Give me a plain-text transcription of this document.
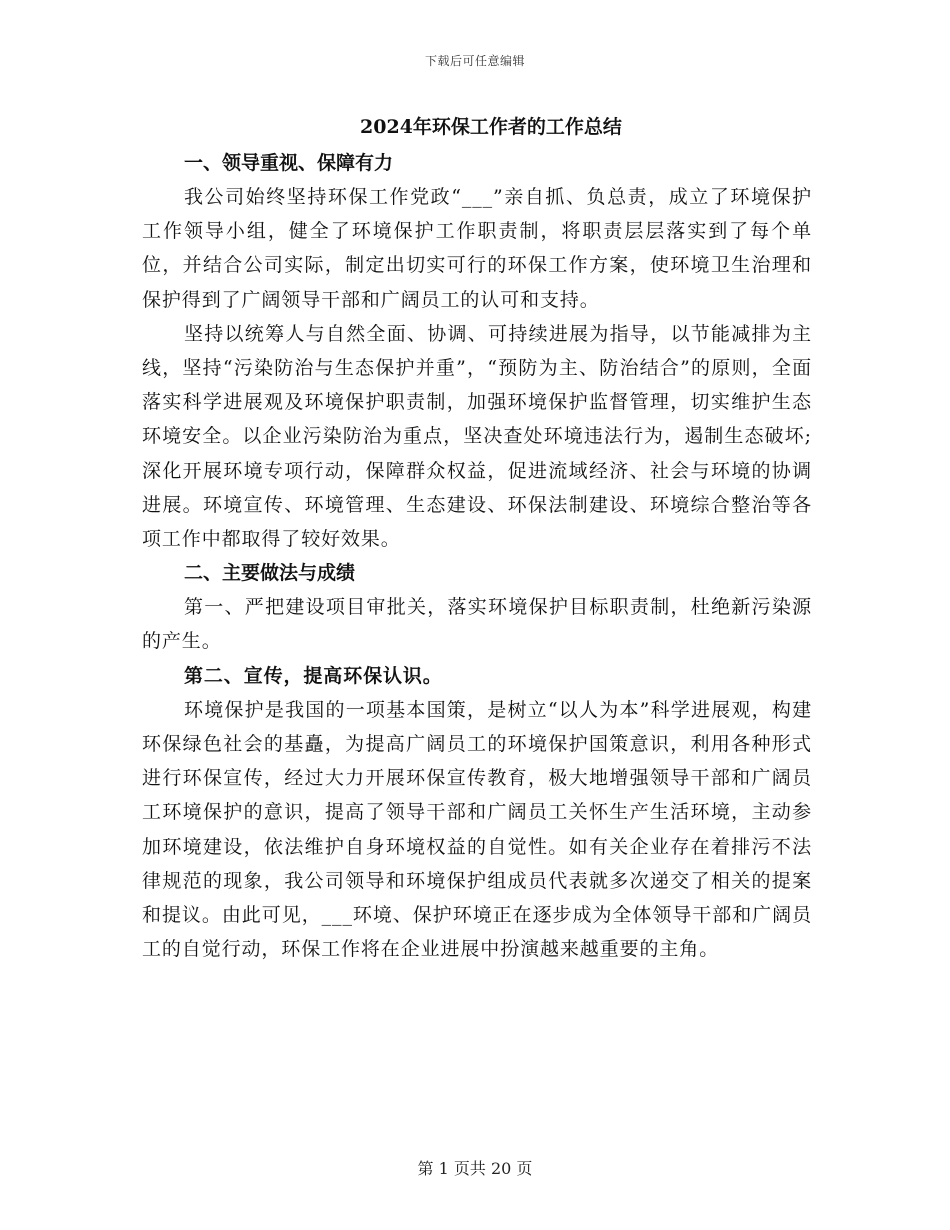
下载后可任意编辑
2024年环保工作者的工作总结
一、领导重视、保障有力

我公司始终坚持环保工作党政“___”亲自抓、负总责，成立了环境保护工作领导小组，健全了环境保护工作职责制，将职责层层落实到了每个单位，并结合公司实际，制定出切实可行的环保工作方案，使环境卫生治理和保护得到了广阔领导干部和广阔员工的认可和支持。

坚持以统筹人与自然全面、协调、可持续进展为指导，以节能减排为主线，坚持“污染防治与生态保护并重”，“预防为主、防治结合”的原则，全面落实科学进展观及环境保护职责制，加强环境保护监督管理，切实维护生态环境安全。以企业污染防治为重点，坚决查处环境违法行为，遏制生态破坏;深化开展环境专项行动，保障群众权益，促进流域经济、社会与环境的协调进展。环境宣传、环境管理、生态建设、环保法制建设、环境综合整治等各项工作中都取得了较好效果。

二、主要做法与成绩

第一、严把建设项目审批关，落实环境保护目标职责制，杜绝新污染源的产生。

第二、宣传，提高环保认识。

环境保护是我国的一项基本国策，是树立“以人为本”科学进展观，构建环保绿色社会的基矗，为提高广阔员工的环境保护国策意识，利用各种形式进行环保宣传，经过大力开展环保宣传教育，极大地增强领导干部和广阔员工环境保护的意识，提高了领导干部和广阔员工关怀生产生活环境，主动参加环境建设，依法维护自身环境权益的自觉性。如有关企业存在着排污不法律规范的现象，我公司领导和环境保护组成员代表就多次递交了相关的提案和提议。由此可见，___环境、保护环境正在逐步成为全体领导干部和广阔员工的自觉行动，环保工作将在企业进展中扮演越来越重要的主角。

第 1 页共 20 页
